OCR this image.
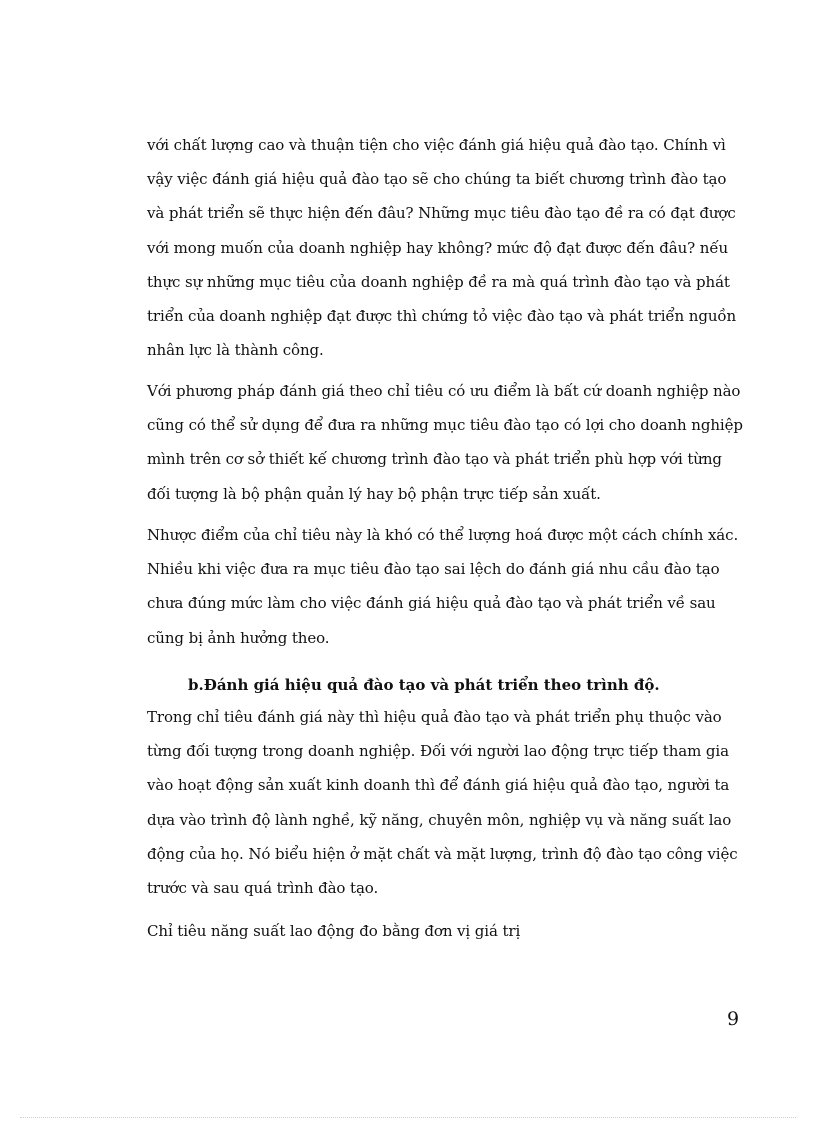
với chất lượng cao và thuận tiện cho việc đánh giá hiệu quả đào tạo. Chính vì vậy việc đánh giá hiệu quả đào tạo sẽ cho chúng ta biết chương trình đào tạo và phát triển sẽ thực hiện đến đâu? Những mục tiêu đào tạo đề ra có đạt được với mong muốn của doanh nghiệp hay không? mức độ đạt được đến đâu? nếu thực sự những mục tiêu của doanh nghiệp đề ra mà quá trình đào tạo và phát triển của doanh nghiệp đạt được thì chứng tỏ việc đào tạo và phát triển nguồn nhân lực là thành công.

Với phương pháp đánh giá theo chỉ tiêu có ưu điểm là bất cứ doanh nghiệp nào cũng có thể sử dụng để đưa ra những mục tiêu đào tạo có lợi cho doanh nghiệp mình trên cơ sở thiết kế chương trình đào tạo và phát triển phù hợp với từng đối tượng là bộ phận quản lý hay bộ phận trực tiếp sản xuất.

Nhược điểm của chỉ tiêu này là khó có thể lượng hoá được một cách chính xác. Nhiều khi việc đưa ra mục tiêu đào tạo sai lệch do đánh giá nhu cầu đào tạo chưa đúng mức làm cho việc đánh giá hiệu quả đào tạo và phát triển về sau cũng bị ảnh hưởng theo.

b.Đánh giá hiệu quả đào tạo và phát triển theo trình độ.

Trong chỉ tiêu đánh giá này thì hiệu quả đào tạo và phát triển phụ thuộc vào từng đối tượng trong doanh nghiệp. Đối với người lao động trực tiếp tham gia vào hoạt động sản xuất kinh doanh thì để đánh giá hiệu quả đào tạo, người ta dựa vào trình độ lành nghề, kỹ năng, chuyên môn, nghiệp vụ và năng suất lao động của họ. Nó biểu hiện ở mặt chất và mặt lượng, trình độ đào tạo công việc trước và sau quá trình đào tạo.

Chỉ tiêu năng suất lao động đo bằng đơn vị giá trị

9
